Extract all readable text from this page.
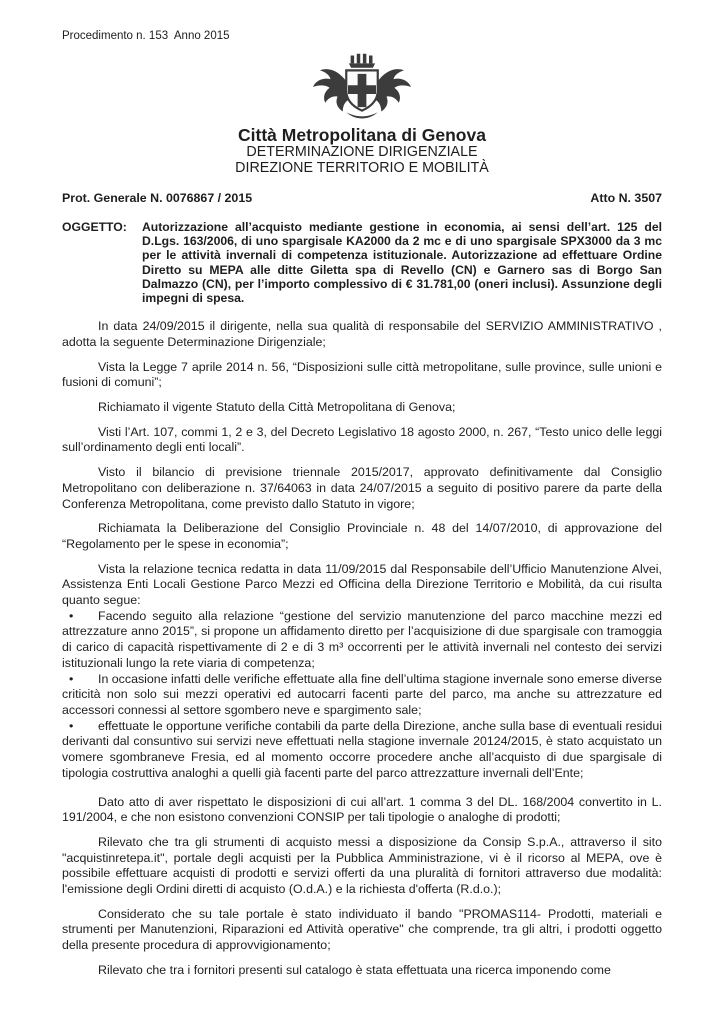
Procedimento n. 153  Anno 2015
Città Metropolitana di Genova
DETERMINAZIONE DIRIGENZIALE
DIREZIONE TERRITORIO E MOBILITÀ
Prot. Generale N. 0076867 / 2015	Atto N. 3507
OGGETTO:	Autorizzazione all’acquisto mediante gestione in economia, ai sensi dell’art. 125 del D.Lgs. 163/2006, di uno spargisale KA2000 da 2 mc e di uno spargisale SPX3000 da 3 mc per le attività invernali di competenza istituzionale. Autorizzazione ad effettuare Ordine Diretto su MEPA alle ditte Giletta spa di Revello (CN) e Garnero sas di Borgo San Dalmazzo (CN), per l’importo complessivo di € 31.781,00 (oneri inclusi). Assunzione degli impegni di spesa.

In data 24/09/2015 il dirigente, nella sua qualità di responsabile del SERVIZIO AMMINISTRATIVO , adotta la seguente Determinazione Dirigenziale;

Vista la Legge 7 aprile 2014 n. 56, “Disposizioni sulle città metropolitane, sulle province, sulle unioni e fusioni di comuni”;

Richiamato il vigente Statuto della Città Metropolitana di Genova;

Visti l’Art. 107, commi 1, 2 e 3, del Decreto Legislativo 18 agosto 2000, n. 267, “Testo unico delle leggi sull’ordinamento degli enti locali”.

Visto il bilancio di previsione triennale 2015/2017, approvato definitivamente dal Consiglio Metropolitano con deliberazione n. 37/64063 in data 24/07/2015 a seguito di positivo parere da parte della Conferenza Metropolitana, come previsto dallo Statuto in vigore;

Richiamata la Deliberazione del Consiglio Provinciale n. 48 del 14/07/2010, di approvazione del “Regolamento per le spese in economia”;

Vista la relazione tecnica redatta in data 11/09/2015 dal Responsabile dell’Ufficio Manutenzione Alvei, Assistenza Enti Locali Gestione Parco Mezzi ed Officina della Direzione Territorio e Mobilità, da cui risulta quanto segue:

• Facendo seguito alla relazione “gestione del servizio manutenzione del parco macchine mezzi ed attrezzature anno 2015”, si propone un affidamento diretto per l’acquisizione di due spargisale con tramoggia di carico di capacità rispettivamente di 2 e di 3 m³ occorrenti per le attività invernali nel contesto dei servizi istituzionali lungo la rete viaria di competenza;

• In occasione infatti delle verifiche effettuate alla fine dell’ultima stagione invernale sono emerse diverse criticità non solo sui mezzi operativi ed autocarri facenti parte del parco, ma anche su attrezzature ed accessori connessi al settore sgombero neve e spargimento sale;

• effettuate le opportune verifiche contabili da parte della Direzione, anche sulla base di eventuali residui derivanti dal consuntivo sui servizi neve effettuati nella stagione invernale 20124/2015, è stato acquistato un vomere sgombraneve Fresia, ed al momento occorre procedere anche all’acquisto di due spargisale di tipologia costruttiva analoghi a quelli già facenti parte del parco attrezzatture invernali dell’Ente;

Dato atto di aver rispettato le disposizioni di cui all’art. 1 comma 3 del DL. 168/2004 convertito in L. 191/2004, e che non esistono convenzioni CONSIP per tali tipologie o analoghe di prodotti;

Rilevato che tra gli strumenti di acquisto messi a disposizione da Consip S.p.A., attraverso il sito "acquistinretepa.it", portale degli acquisti per la Pubblica Amministrazione, vi è il ricorso al MEPA, ove è possibile effettuare acquisti di prodotti e servizi offerti da una pluralità di fornitori attraverso due modalità: l'emissione degli Ordini diretti di acquisto (O.d.A.) e la richiesta d'offerta (R.d.o.);

Considerato che su tale portale è stato individuato il bando "PROMAS114- Prodotti, materiali e strumenti per Manutenzioni, Riparazioni ed Attività operative" che comprende, tra gli altri, i prodotti oggetto della presente procedura di approvvigionamento;

Rilevato che tra i fornitori presenti sul catalogo è stata effettuata una ricerca imponendo come
